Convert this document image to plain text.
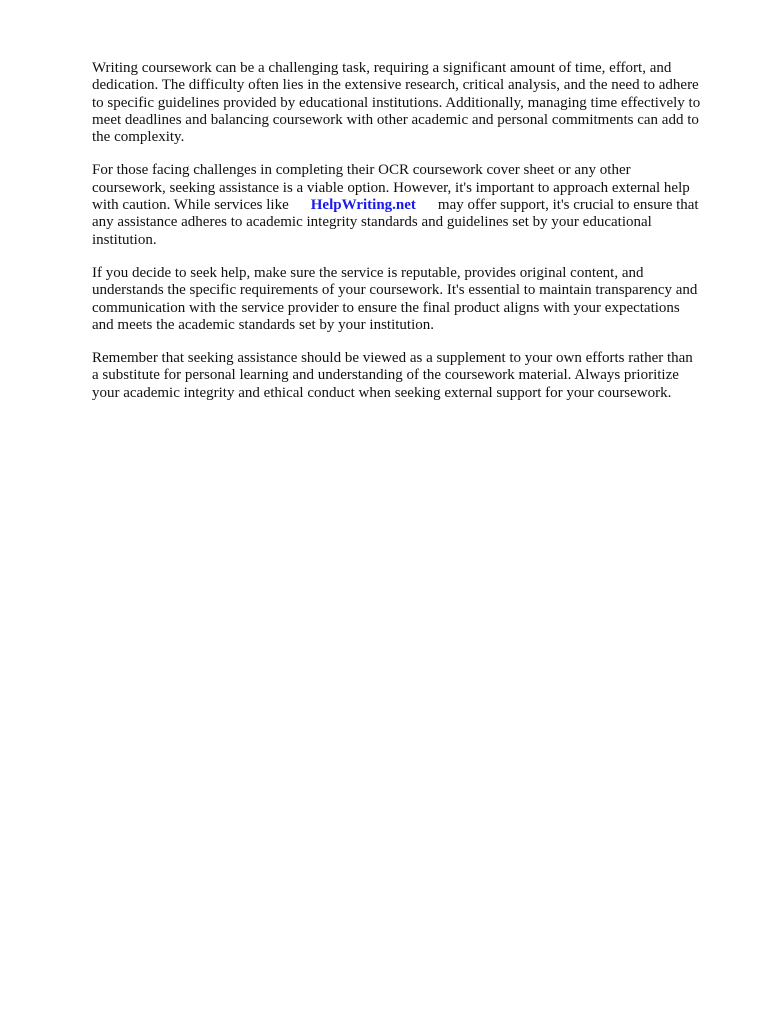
Writing coursework can be a challenging task, requiring a significant amount of time, effort, and
dedication. The difficulty often lies in the extensive research, critical analysis, and the need to adhere
to specific guidelines provided by educational institutions. Additionally, managing time effectively to
meet deadlines and balancing coursework with other academic and personal commitments can add to
the complexity.

For those facing challenges in completing their OCR coursework cover sheet or any other
coursework, seeking assistance is a viable option. However, it's important to approach external help
with caution. While services like HelpWriting.net may offer support, it's crucial to ensure that
any assistance adheres to academic integrity standards and guidelines set by your educational
institution.

If you decide to seek help, make sure the service is reputable, provides original content, and
understands the specific requirements of your coursework. It's essential to maintain transparency and
communication with the service provider to ensure the final product aligns with your expectations
and meets the academic standards set by your institution.

Remember that seeking assistance should be viewed as a supplement to your own efforts rather than
a substitute for personal learning and understanding of the coursework material. Always prioritize
your academic integrity and ethical conduct when seeking external support for your coursework.
